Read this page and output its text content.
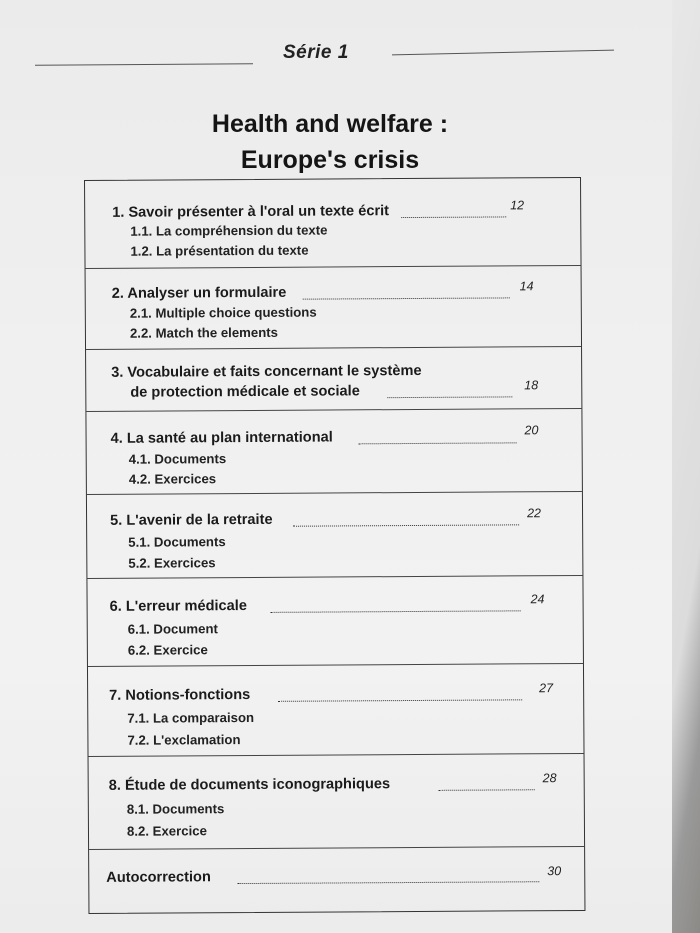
Série 1
Health and welfare :
Europe's crisis
1. Savoir présenter à l'oral un texte écrit	12
1.1. La compréhension du texte
1.2. La présentation du texte
2. Analyser un formulaire	14
2.1. Multiple choice questions
2.2. Match the elements
3. Vocabulaire et faits concernant le système
de protection médicale et sociale	18
4. La santé au plan international	20
4.1. Documents
4.2. Exercices
5. L'avenir de la retraite	22
5.1. Documents
5.2. Exercices
6. L'erreur médicale	24
6.1. Document
6.2. Exercice
7. Notions-fonctions	27
7.1. La comparaison
7.2. L'exclamation
8. Étude de documents iconographiques	28
8.1. Documents
8.2. Exercice
Autocorrection	30
